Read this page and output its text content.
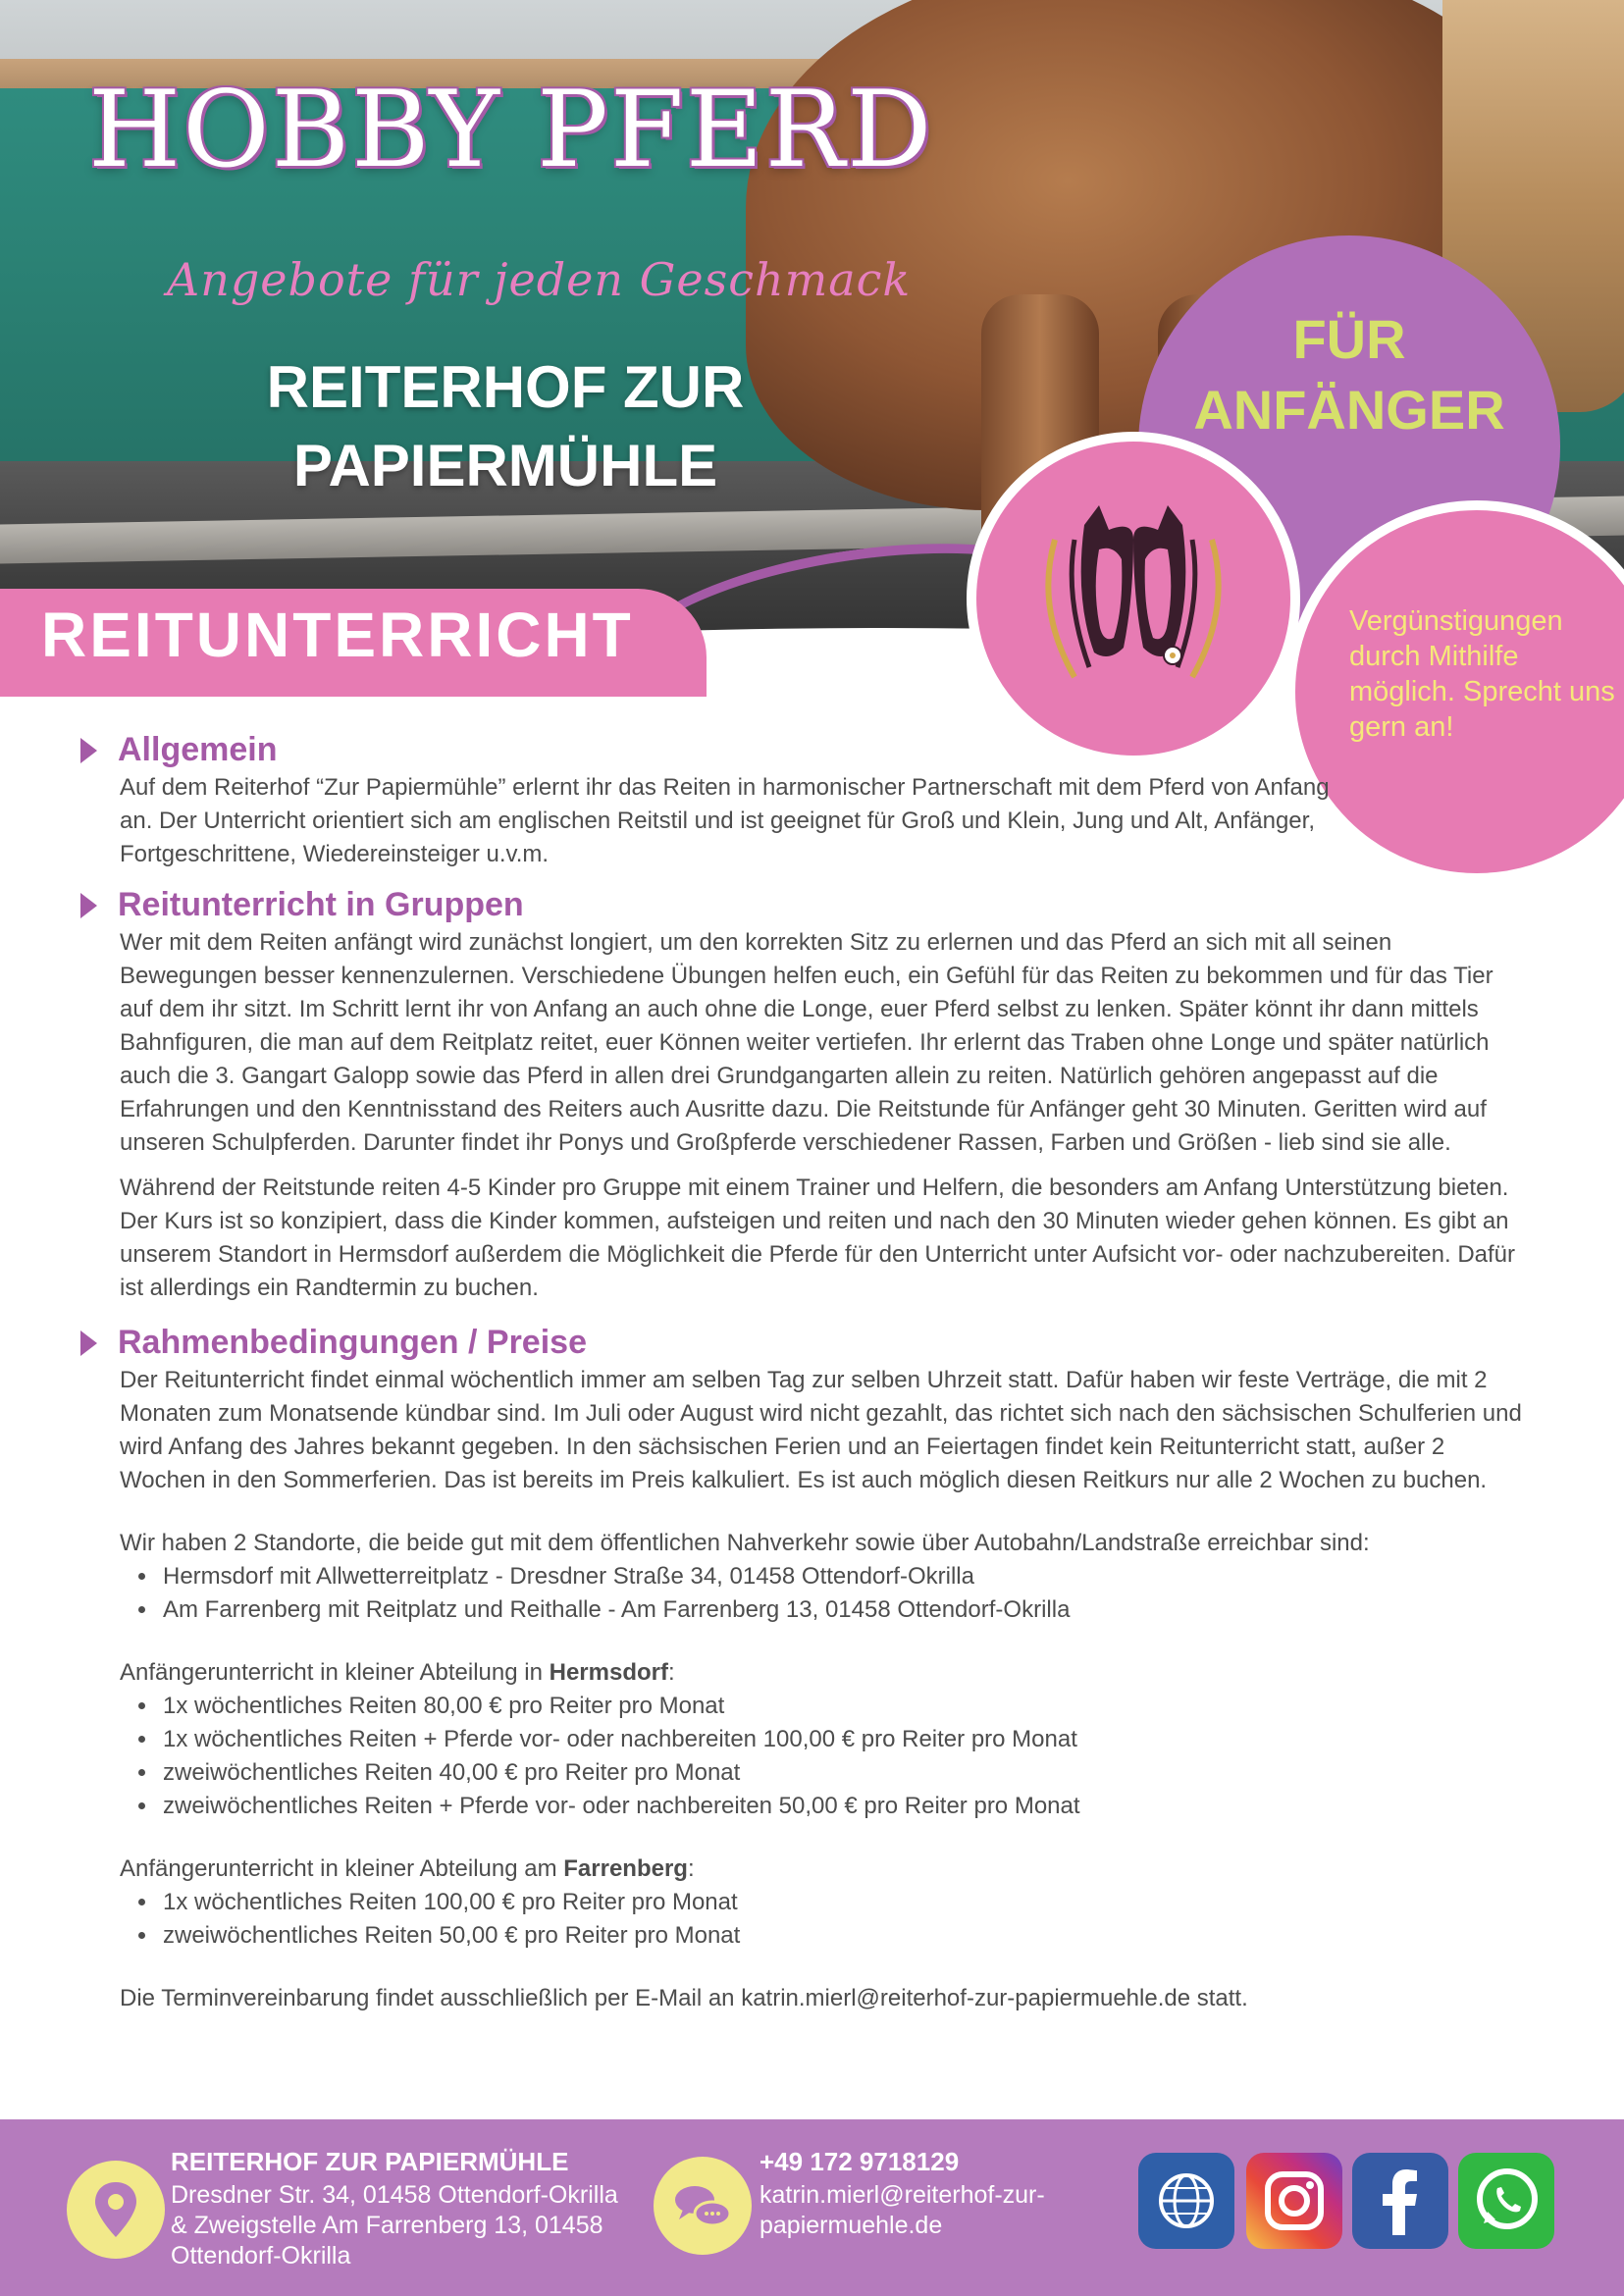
HOBBY PFERD
Angebote für jeden Geschmack
REITERHOF ZUR
PAPIERMÜHLE
REITUNTERRICHT
FÜR
ANFÄNGER
Vergünstigungen durch Mithilfe möglich. Sprecht uns gern an!
Allgemein

Auf dem Reiterhof “Zur Papiermühle” erlernt ihr das Reiten in harmonischer Partnerschaft mit dem Pferd von Anfang an. Der Unterricht orientiert sich am englischen Reitstil und ist geeignet für Groß und Klein, Jung und Alt, Anfänger, Fortgeschrittene, Wiedereinsteiger u.v.m.

Reitunterricht in Gruppen

Wer mit dem Reiten anfängt wird zunächst longiert, um den korrekten Sitz zu erlernen und das Pferd an sich mit all seinen Bewegungen besser kennenzulernen. Verschiedene Übungen helfen euch, ein Gefühl für das Reiten zu bekommen und für das Tier auf dem ihr sitzt. Im Schritt lernt ihr von Anfang an auch ohne die Longe, euer Pferd selbst zu lenken. Später könnt ihr dann mittels Bahnfiguren, die man auf dem Reitplatz reitet, euer Können weiter vertiefen. Ihr erlernt das Traben ohne Longe und später natürlich auch die 3. Gangart Galopp sowie das Pferd in allen drei Grundgangarten allein zu reiten. Natürlich gehören angepasst auf die Erfahrungen und den Kenntnisstand des Reiters auch Ausritte dazu. Die Reitstunde für Anfänger geht 30 Minuten. Geritten wird auf unseren Schulpferden. Darunter findet ihr Ponys und Großpferde verschiedener Rassen, Farben und Größen - lieb sind sie alle.

Während der Reitstunde reiten 4-5 Kinder pro Gruppe mit einem Trainer und Helfern, die besonders am Anfang Unterstützung bieten. Der Kurs ist so konzipiert, dass die Kinder kommen, aufsteigen und reiten und nach den 30 Minuten wieder gehen können. Es gibt an unserem Standort in Hermsdorf außerdem die Möglichkeit die Pferde für den Unterricht unter Aufsicht vor- oder nachzubereiten. Dafür ist allerdings ein Randtermin zu buchen.

Rahmenbedingungen / Preise

Der Reitunterricht findet einmal wöchentlich immer am selben Tag zur selben Uhrzeit statt. Dafür haben wir feste Verträge, die mit 2 Monaten zum Monatsende kündbar sind. Im Juli oder August wird nicht gezahlt, das richtet sich nach den sächsischen Schulferien und wird Anfang des Jahres bekannt gegeben. In den sächsischen Ferien und an Feiertagen findet kein Reitunterricht statt, außer 2 Wochen in den Sommerferien. Das ist bereits im Preis kalkuliert. Es ist auch möglich diesen Reitkurs nur alle 2 Wochen zu buchen.

Wir haben 2 Standorte, die beide gut mit dem öffentlichen Nahverkehr sowie über Autobahn/Landstraße erreichbar sind:

• Hermsdorf mit Allwetterreitplatz - Dresdner Straße 34, 01458 Ottendorf-Okrilla
• Am Farrenberg mit Reitplatz und Reithalle - Am Farrenberg 13, 01458 Ottendorf-Okrilla

Anfängerunterricht in kleiner Abteilung in Hermsdorf:

• 1x wöchentliches Reiten 80,00 € pro Reiter pro Monat
• 1x wöchentliches Reiten + Pferde vor- oder nachbereiten 100,00 € pro Reiter pro Monat
• zweiwöchentliches Reiten 40,00 € pro Reiter pro Monat
• zweiwöchentliches Reiten + Pferde vor- oder nachbereiten 50,00 € pro Reiter pro Monat

Anfängerunterricht in kleiner Abteilung am Farrenberg:

• 1x wöchentliches Reiten 100,00 € pro Reiter pro Monat
• zweiwöchentliches Reiten 50,00 € pro Reiter pro Monat

Die Terminvereinbarung findet ausschließlich per E-Mail an katrin.mierl@reiterhof-zur-papiermuehle.de statt.

REITERHOF ZUR PAPIERMÜHLE
Dresdner Str. 34, 01458 Ottendorf-Okrilla & Zweigstelle Am Farrenberg 13, 01458 Ottendorf-Okrilla
+49 172 9718129
katrin.mierl@reiterhof-zur-papiermuehle.de
